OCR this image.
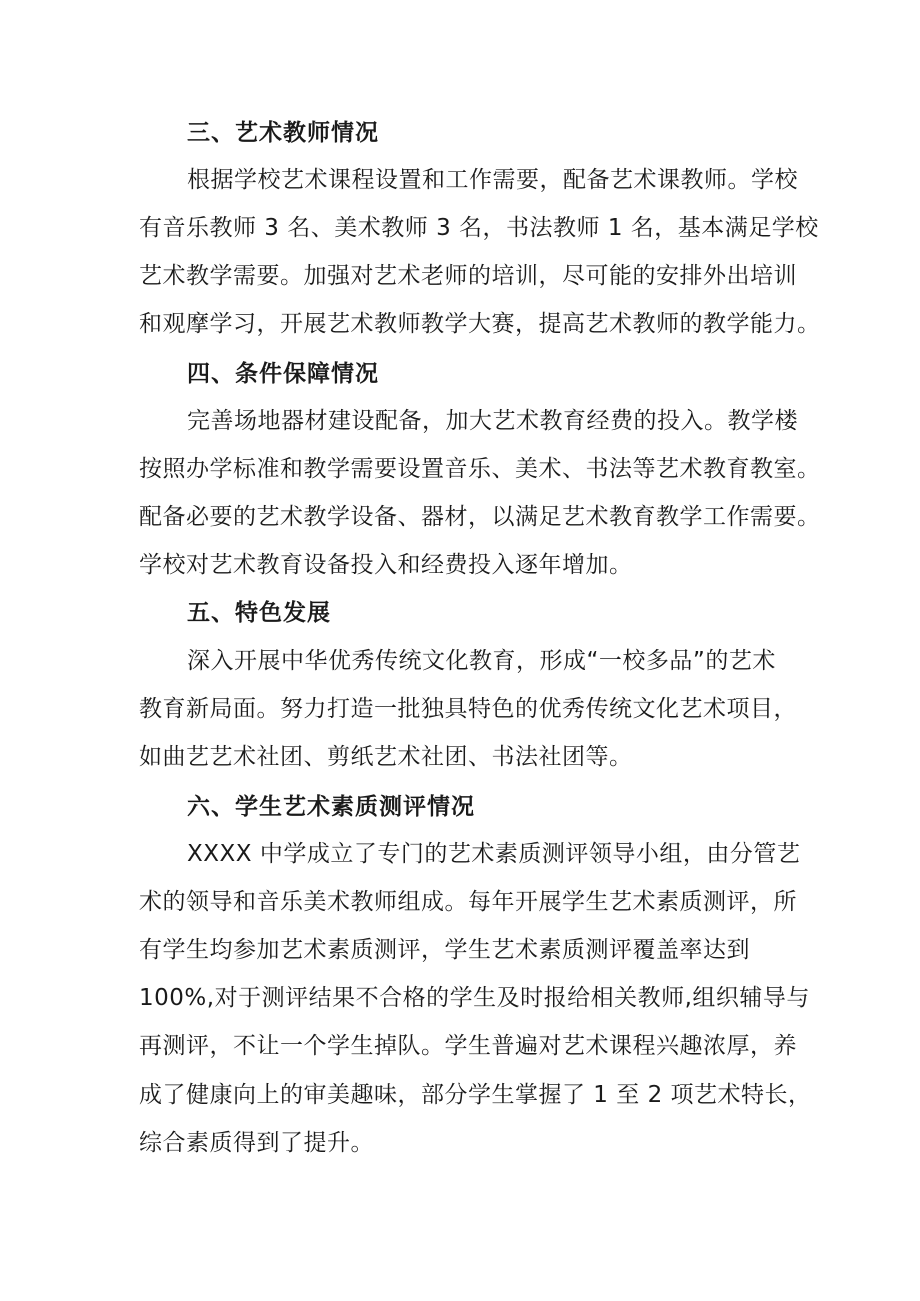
三、艺术教师情况
根据学校艺术课程设置和工作需要，配备艺术课教师。学校
有音乐教师 3 名、美术教师 3 名，书法教师 1 名，基本满足学校
艺术教学需要。加强对艺术老师的培训，尽可能的安排外出培训
和观摩学习，开展艺术教师教学大赛，提高艺术教师的教学能力。
四、条件保障情况
完善场地器材建设配备，加大艺术教育经费的投入。教学楼
按照办学标准和教学需要设置音乐、美术、书法等艺术教育教室。
配备必要的艺术教学设备、器材，以满足艺术教育教学工作需要。
学校对艺术教育设备投入和经费投入逐年增加。
五、特色发展
深入开展中华优秀传统文化教育，形成“一校多品”的艺术
教育新局面。努力打造一批独具特色的优秀传统文化艺术项目，
如曲艺艺术社团、剪纸艺术社团、书法社团等。
六、学生艺术素质测评情况
XXXX 中学成立了专门的艺术素质测评领导小组，由分管艺
术的领导和音乐美术教师组成。每年开展学生艺术素质测评，所
有学生均参加艺术素质测评，学生艺术素质测评覆盖率达到
100%,对于测评结果不合格的学生及时报给相关教师,组织辅导与
再测评，不让一个学生掉队。学生普遍对艺术课程兴趣浓厚，养
成了健康向上的审美趣味，部分学生掌握了 1 至 2 项艺术特长，
综合素质得到了提升。
